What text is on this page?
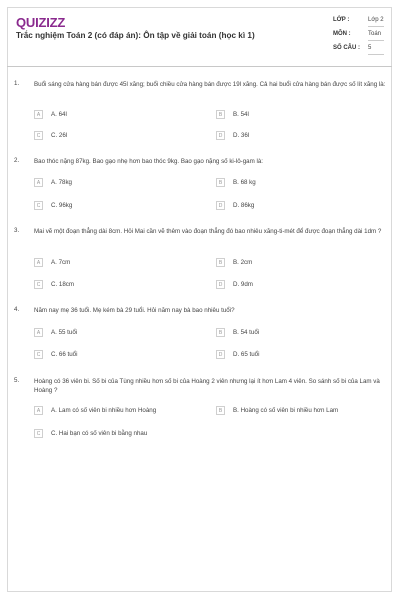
QUIZIZZ
Trắc nghiệm Toán 2 (có đáp án): Ôn tập về giải toán (học kì 1)
LỚP :	Lớp 2
MÔN :	Toán
SỐ CÂU : 5
1. Buổi sáng cửa hàng bán được 45l xăng; buổi chiều cửa hàng bán được 19l xăng. Cả hai buổi cửa hàng bán được số lít xăng là:
A	A. 64l	B	B. 54l
C	C. 26l	D	D. 36l
2. Bao thóc nặng 87kg. Bao gạo nhẹ hơn bao thóc 9kg. Bao gạo nặng số ki-lô-gam là:
A	A. 78kg	B	B. 68 kg
C	C. 96kg	D	D. 86kg
3. Mai vẽ một đoạn thẳng dài 8cm. Hỏi Mai cần vẽ thêm vào đoạn thẳng đó bao nhiêu xăng-ti-mét để được đoạn thẳng dài 1dm ?
A	A. 7cm	B	B. 2cm
C	C. 18cm	D	D. 9dm
4. Năm nay mẹ 36 tuổi. Mẹ kém bà 29 tuổi. Hỏi năm nay bà bao nhiêu tuổi?
A	A. 55 tuổi	B	B. 54 tuổi
C	C. 66 tuổi	D	D. 65 tuổi
5. Hoàng có 36 viên bi. Số bi của Tùng nhiều hơn số bi của Hoàng 2 viên nhưng lại ít hơn Lam 4 viên. So sánh số bi của Lam và Hoàng ?
A	A. Lam có số viên bi nhiều hơn Hoàng	B	B. Hoàng có số viên bi nhiều hơn Lam
C	C. Hai bạn có số viên bi bằng nhau
